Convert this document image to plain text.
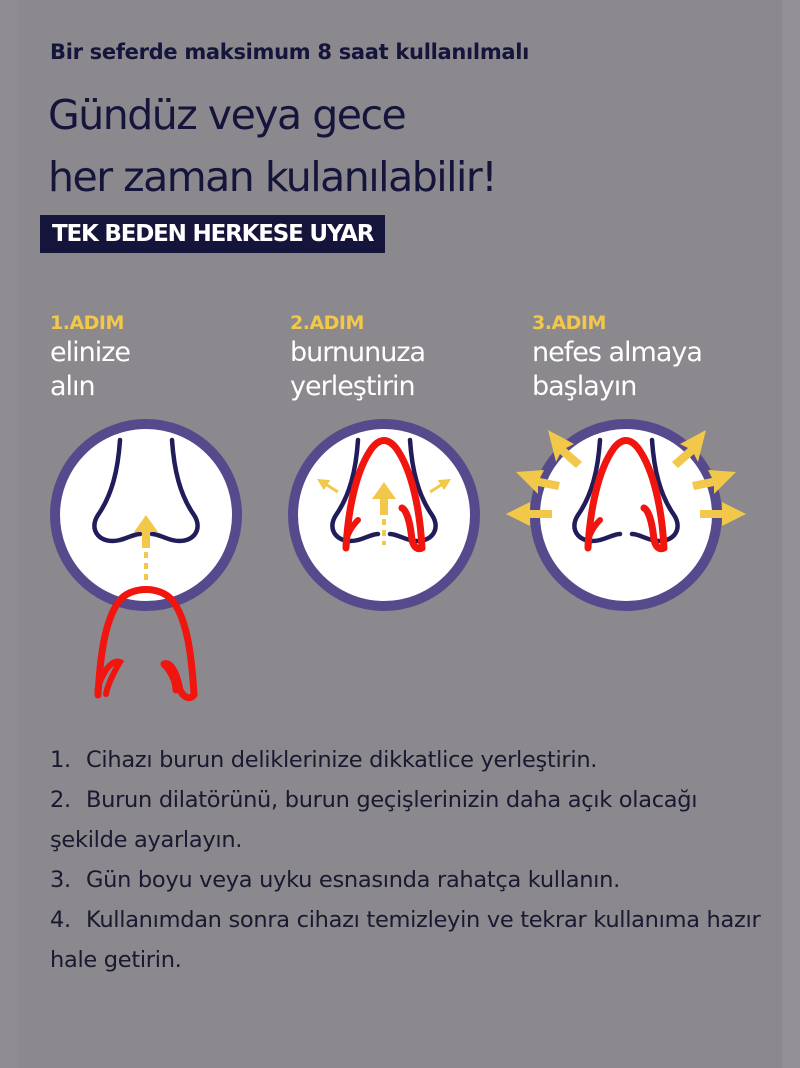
Bir seferde maksimum 8 saat kullanılmalı
Gündüz veya gece
her zaman kulanılabilir!
TEK BEDEN HERKESE UYAR
1.ADIM
elinize
alın
2.ADIM
burnunuza
yerleştirin
3.ADIM
nefes almaya
başlayın
1. Cihazı burun deliklerinize dikkatlice yerleştirin.
2. Burun dilatörünü, burun geçişlerinizin daha açık olacağı şekilde ayarlayın.
3. Gün boyu veya uyku esnasında rahatça kullanın.
4. Kullanımdan sonra cihazı temizleyin ve tekrar kullanıma hazır hale getirin.
